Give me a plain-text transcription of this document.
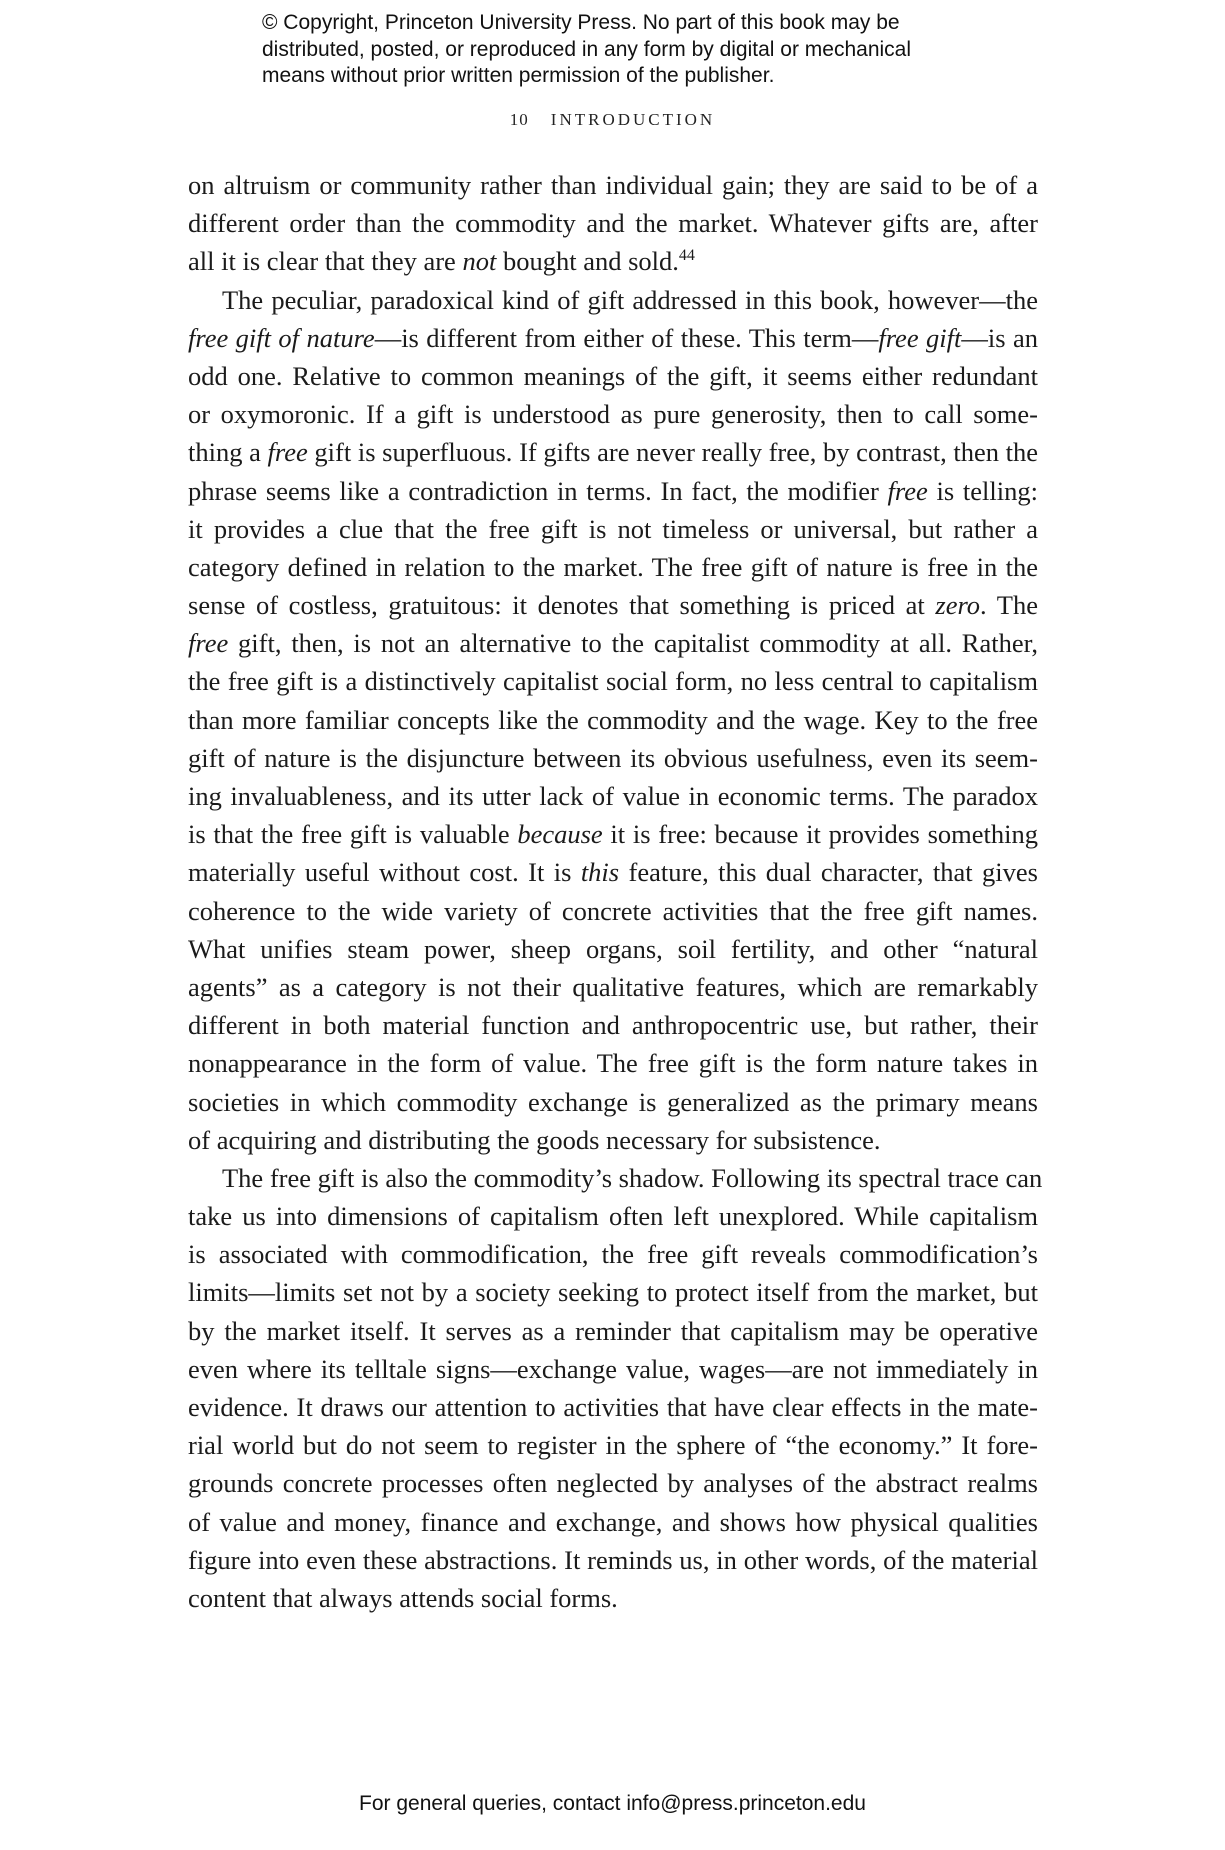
© Copyright, Princeton University Press. No part of this book may be
distributed, posted, or reproduced in any form by digital or mechanical
means without prior written permission of the publisher.
10 INTRODUCTION
on altruism or community rather than individual gain; they are said to be of a
different order than the commodity and the market. Whatever gifts are, after
all it is clear that they are not bought and sold.$^{44}$
The peculiar, paradoxical kind of gift addressed in this book, however—the
free gift of nature—is different from either of these. This term—free gift—is an
odd one. Relative to common meanings of the gift, it seems either redundant
or oxymoronic. If a gift is understood as pure generosity, then to call some-
thing a free gift is superfluous. If gifts are never really free, by contrast, then the
phrase seems like a contradiction in terms. In fact, the modifier free is telling:
it provides a clue that the free gift is not timeless or universal, but rather a
category defined in relation to the market. The free gift of nature is free in the
sense of costless, gratuitous: it denotes that something is priced at zero. The
free gift, then, is not an alternative to the capitalist commodity at all. Rather,
the free gift is a distinctively capitalist social form, no less central to capitalism
than more familiar concepts like the commodity and the wage. Key to the free
gift of nature is the disjuncture between its obvious usefulness, even its seem-
ing invaluableness, and its utter lack of value in economic terms. The paradox
is that the free gift is valuable because it is free: because it provides something
materially useful without cost. It is this feature, this dual character, that gives
coherence to the wide variety of concrete activities that the free gift names.
What unifies steam power, sheep organs, soil fertility, and other “natural
agents” as a category is not their qualitative features, which are remarkably
different in both material function and anthropocentric use, but rather, their
nonappearance in the form of value. The free gift is the form nature takes in
societies in which commodity exchange is generalized as the primary means
of acquiring and distributing the goods necessary for subsistence.
The free gift is also the commodity’s shadow. Following its spectral trace can
take us into dimensions of capitalism often left unexplored. While capitalism
is associated with commodification, the free gift reveals commodification’s
limits—limits set not by a society seeking to protect itself from the market, but
by the market itself. It serves as a reminder that capitalism may be operative
even where its telltale signs—exchange value, wages—are not immediately in
evidence. It draws our attention to activities that have clear effects in the mate-
rial world but do not seem to register in the sphere of “the economy.” It fore-
grounds concrete processes often neglected by analyses of the abstract realms
of value and money, finance and exchange, and shows how physical qualities
figure into even these abstractions. It reminds us, in other words, of the material
content that always attends social forms.
For general queries, contact info@press.princeton.edu
